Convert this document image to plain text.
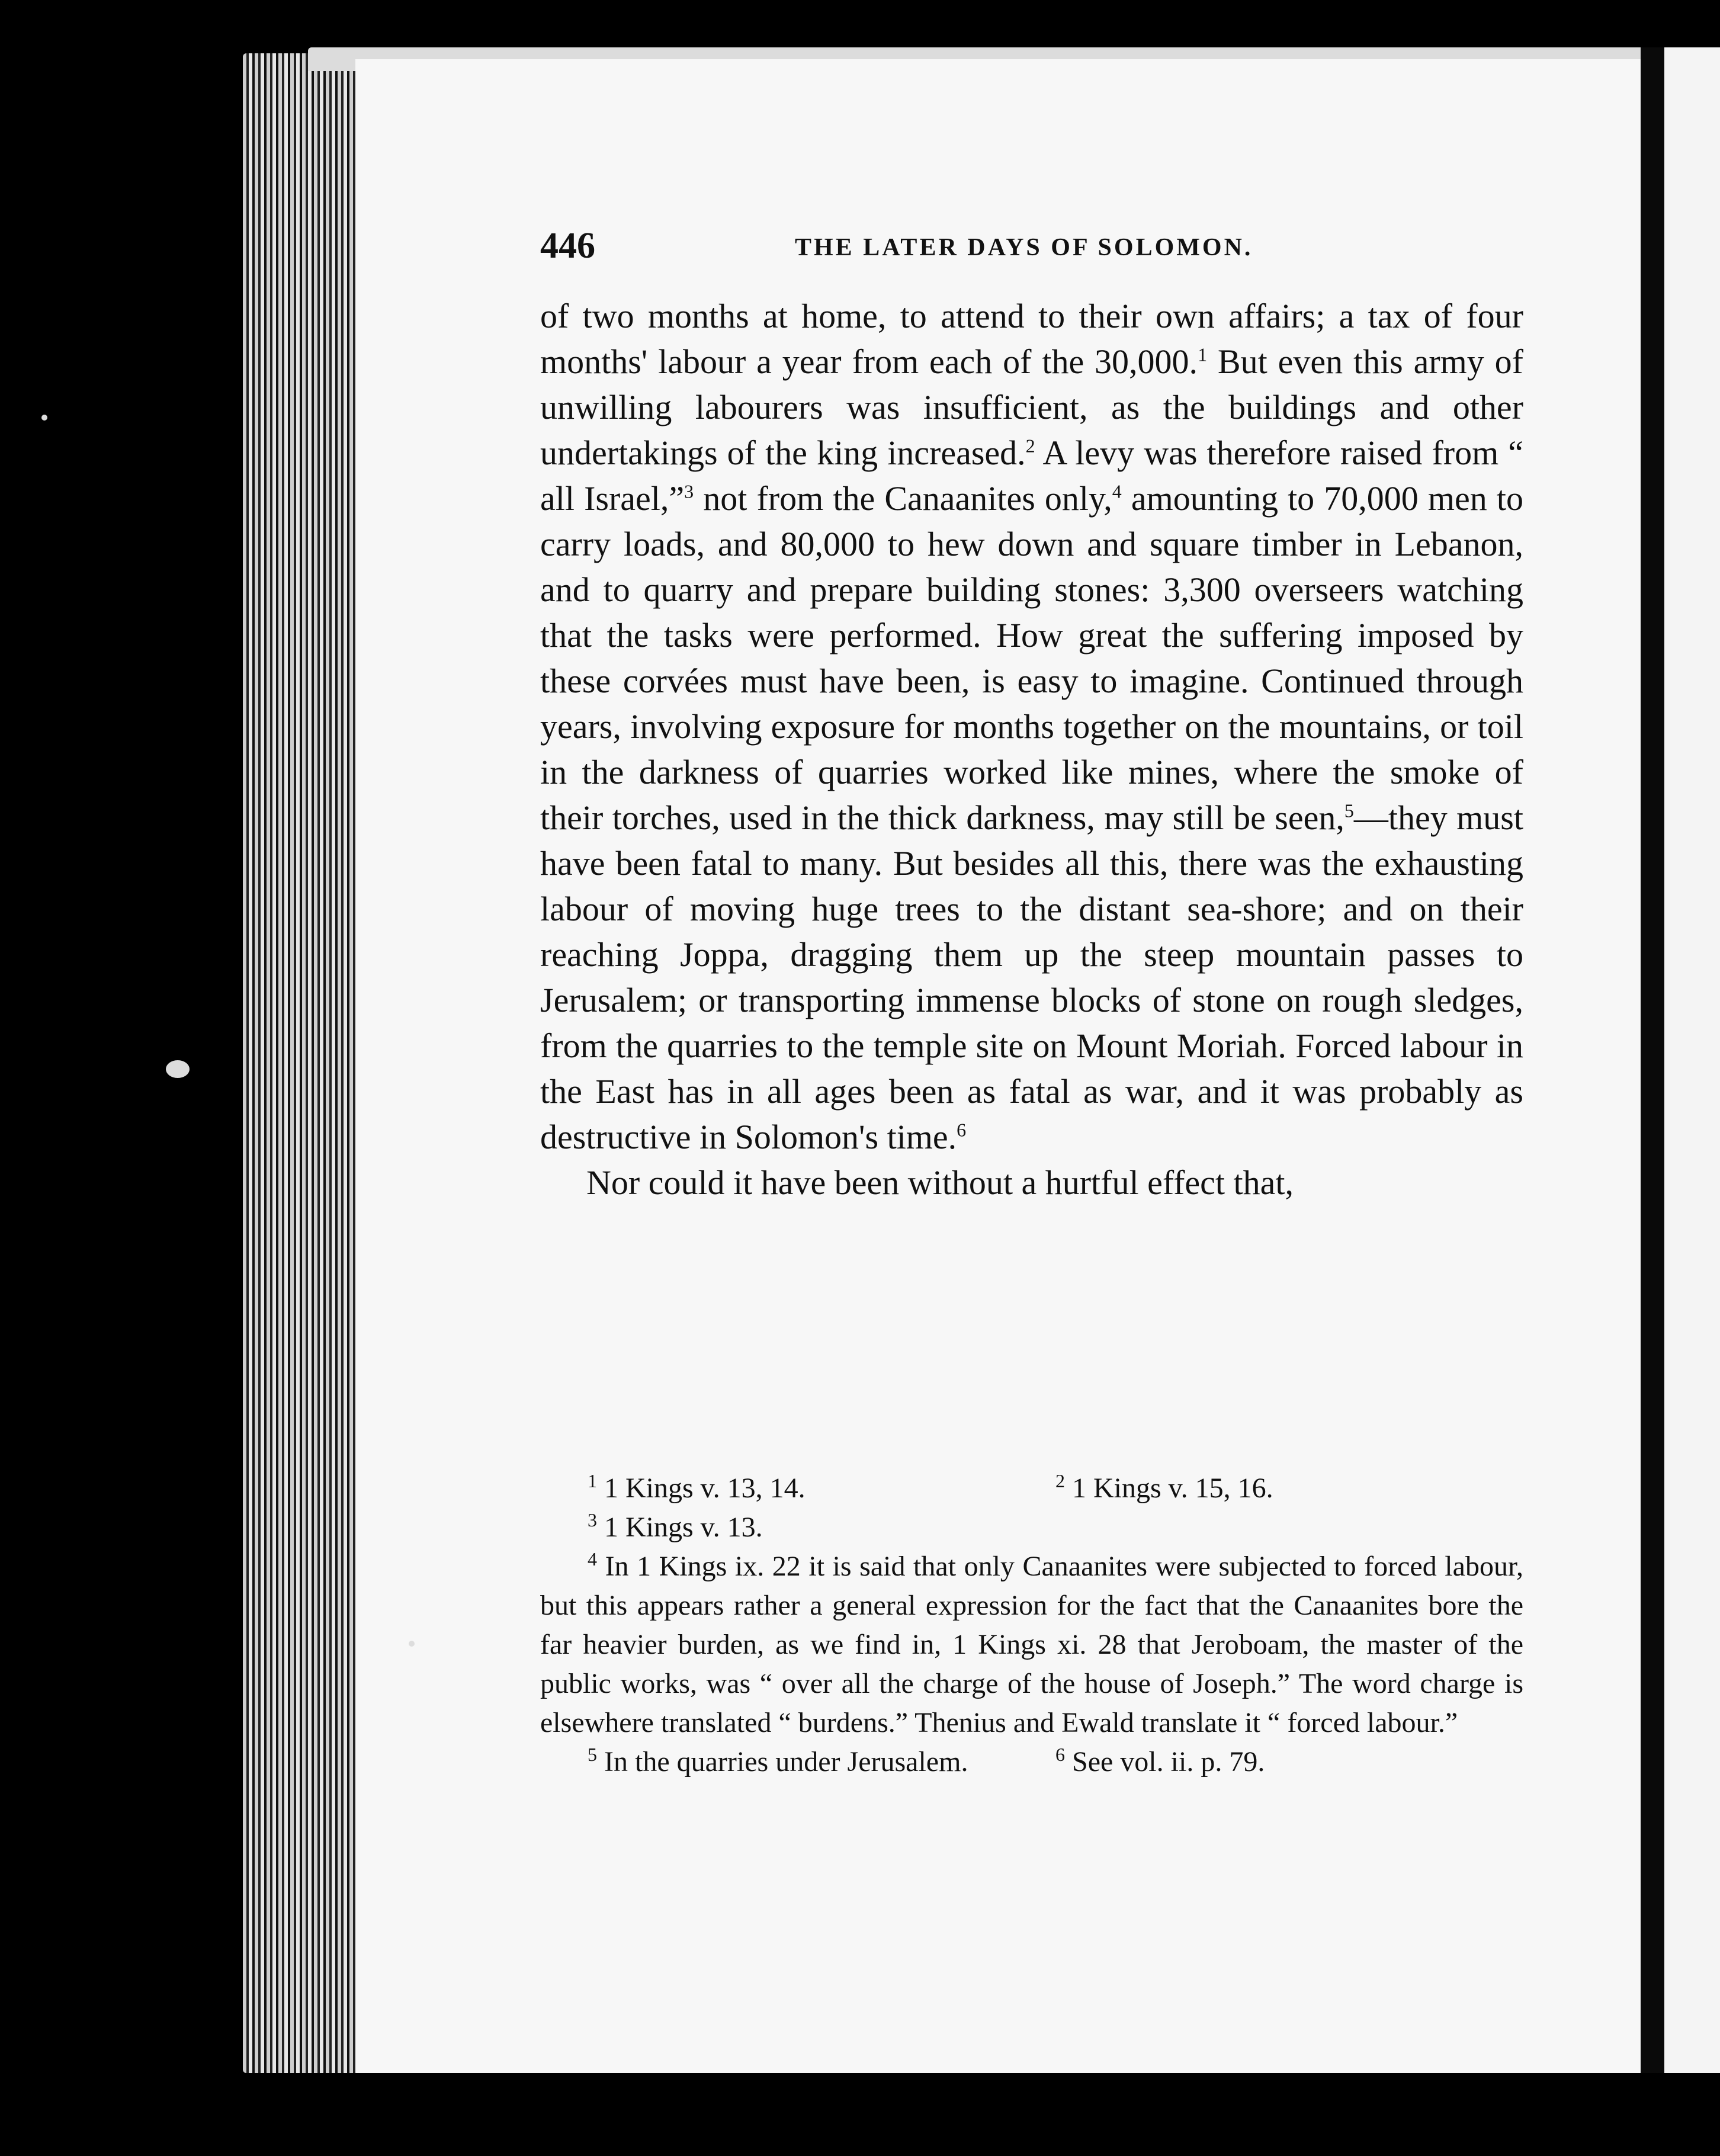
446	THE LATER DAYS OF SOLOMON.

of two months at home, to attend to their own affairs; a tax of four months' labour a year from each of the 30,000.$^1$ But even this army of unwilling labourers was insufficient, as the buildings and other undertakings of the king increased.$^2$ A levy was therefore raised from “ all Israel,”$^3$ not from the Canaanites only,$^4$ amounting to 70,000 men to carry loads, and 80,000 to hew down and square timber in Lebanon, and to quarry and prepare building stones: 3,300 overseers watching that the tasks were performed. How great the suffering imposed by these corvées must have been, is easy to imagine. Continued through years, involving exposure for months together on the mountains, or toil in the darkness of quarries worked like mines, where the smoke of their torches, used in the thick darkness, may still be seen,$^5$—they must have been fatal to many. But besides all this, there was the exhausting labour of moving huge trees to the distant sea-shore; and on their reaching Joppa, dragging them up the steep mountain passes to Jerusalem; or transporting immense blocks of stone on rough sledges, from the quarries to the temple site on Mount Moriah. Forced labour in the East has in all ages been as fatal as war, and it was probably as destructive in Solomon's time.$^6$

Nor could it have been without a hurtful effect that,

$^1$ 1 Kings v. 13, 14.	$^2$ 1 Kings v. 15, 16.

$^3$ 1 Kings v. 13.

$^4$ In 1 Kings ix. 22 it is said that only Canaanites were subjected to forced labour, but this appears rather a general expression for the fact that the Canaanites bore the far heavier burden, as we find in, 1 Kings xi. 28 that Jeroboam, the master of the public works, was “ over all the charge of the house of Joseph.” The word charge is elsewhere translated “ burdens.” Thenius and Ewald translate it “ forced labour.”

$^5$ In the quarries under Jerusalem.	$^6$ See vol. ii. p. 79.
